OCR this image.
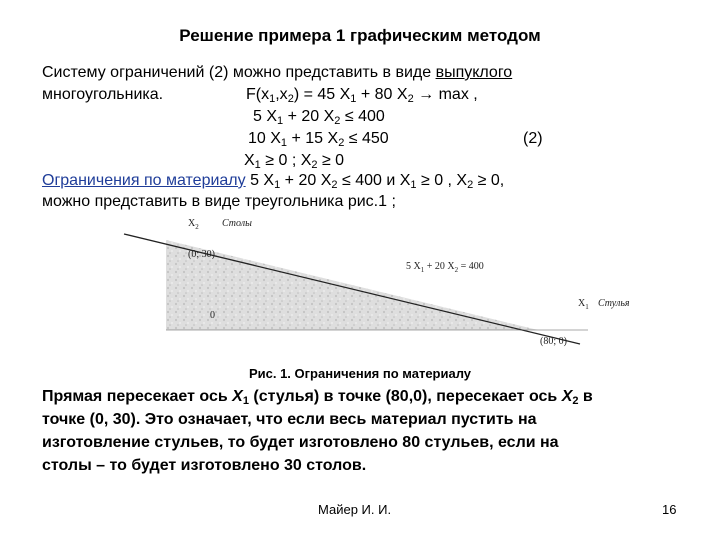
Решение примера 1 графическим методом
Систему ограничений (2) можно представить в виде выпуклого
многоугольника.	$F(x_1,x_2) = 45$ $X_1 + 80$ $X_2 \to \max$ ,
5 $X_1 + 20$ $X_2 \le 400$
10 $X_1 + 15$ $X_2 \le 450$	(2)
$X_1 \ge 0$ ; $X_2 \ge 0$
Ограничения по материалу 5 $X_1 + 20$ $X_2 \le 400$ и $X_1 \ge 0$ , $X_2 \ge 0$,
можно представить в виде треугольника рис.1 ;
$X_2$ Столы
(0; 30)
5 $X_1 + 20$ $X_2 = 400$
$X_1$ Стулья
0
(80; 0)
Рис. 1. Ограничения по материалу
Прямая пересекает ось $X_1$ (стулья) в точке (80,0), пересекает ось $X_2$ в
точке (0, 30). Это означает, что если весь материал пустить на
изготовление стульев, то будет изготовлено 80 стульев, если на
столы – то будет изготовлено 30 столов.
Майер И. И.	16
